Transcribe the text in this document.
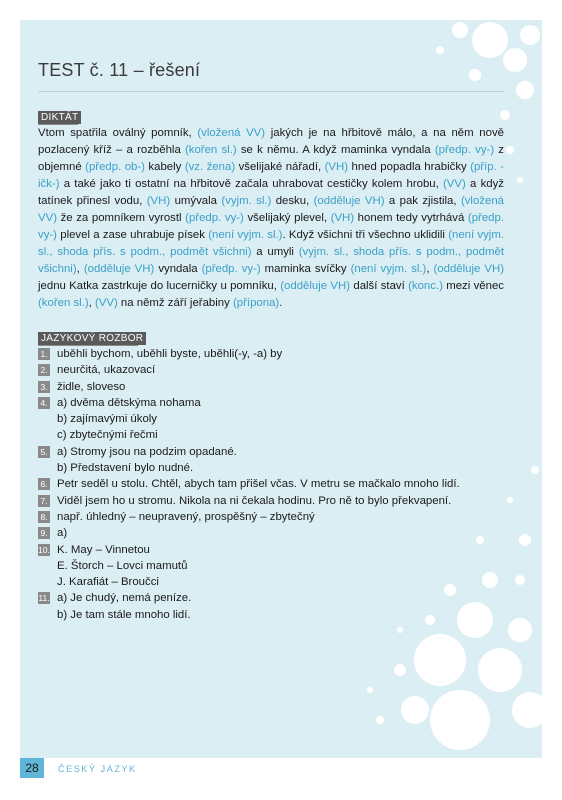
TEST č. 11 – řešení
DIKTÁT
Vtom spatřila oválný pomník, (vložená VV) jakých je na hřbitově málo, a na něm nově pozlacený kříž – a rozběhla (kořen sl.) se k němu. A když maminka vyndala (předp. vy-) z objemné (předp. ob-) kabely (vz. žena) všelijaké nářadí, (VH) hned popadla hrabičky (příp. -ičk-) a také jako ti ostatní na hřbitově začala uhrabovat cestičky kolem hrobu, (VV) a když tatínek přinesl vodu, (VH) umývala (vyjm. sl.) desku, (odděluje VH) a pak zjistila, (vložená VV) že za pomníkem vyrostl (předp. vy-) všelijaký plevel, (VH) honem tedy vytrhává (předp. vy-) plevel a zase uhrabuje písek (není vyjm. sl.). Když všichni tři všechno uklidili (není vyjm. sl., shoda přís. s podm., podmět všichni) a umyli (vyjm. sl., shoda přís. s podm., podmět všichni), (odděluje VH) vyndala (předp. vy-) maminka svíčky (není vyjm. sl.), (odděluje VH) jednu Katka zastrkuje do lucerničky u pomníku, (odděluje VH) další staví (konc.) mezi věnec (kořen sl.), (VV) na němž září jeřabiny (přípona).
JAZYKOVÝ ROZBOR
1. uběhli bychom, uběhli byste, uběhli(-y, -a) by
2. neurčitá, ukazovací
3. židle, sloveso
4. a) dvěma dětskýma nohama
b) zajímavými úkoly
c) zbytečnými řečmi
5. a) Stromy jsou na podzim opadané.
b) Představení bylo nudné.
6. Petr seděl u stolu. Chtěl, abych tam přišel včas. V metru se mačkalo mnoho lidí.
7. Viděl jsem ho u stromu. Nikola na ni čekala hodinu. Pro ně to bylo překvapení.
8. např. úhledný – neupravený, prospěšný – zbytečný
9. a)
10. K. May – Vinnetou
E. Štorch – Lovci mamutů
J. Karafiát – Broučci
11. a) Je chudý, nemá peníze.
b) Je tam stále mnoho lidí.
28	ČESKÝ JAZYK
